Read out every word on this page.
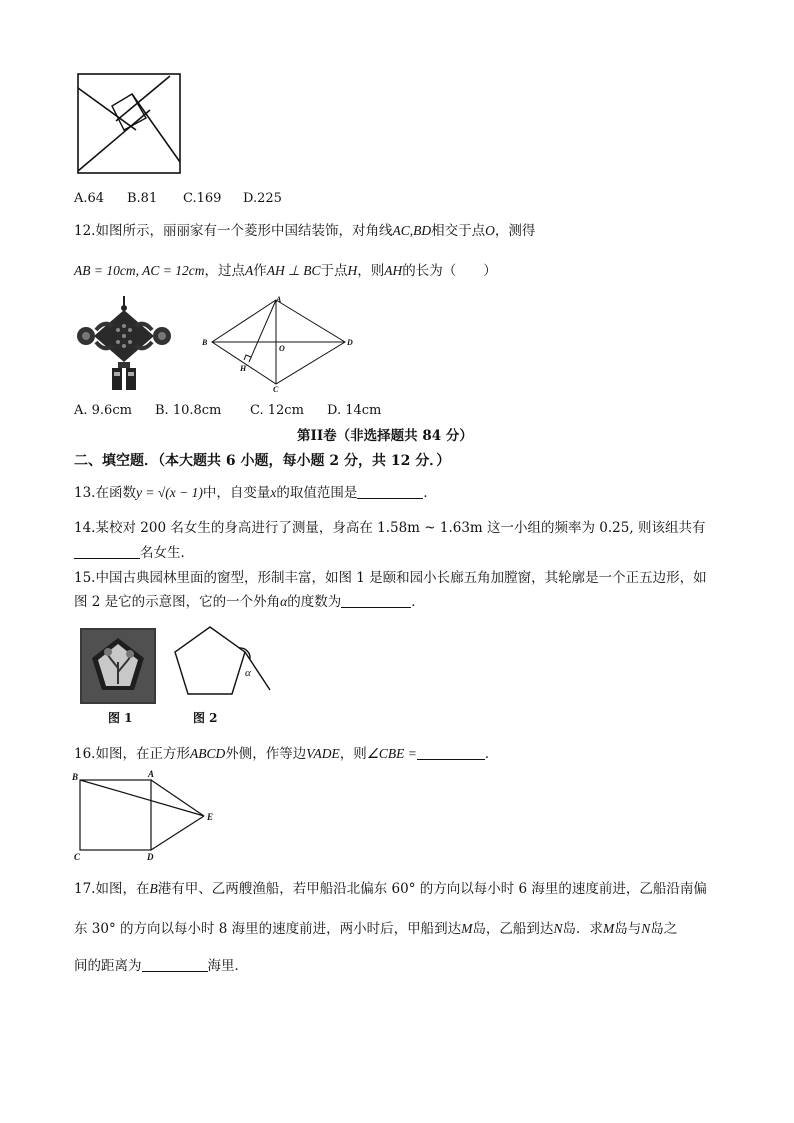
A.64 B.81 C.169 D.225
12.如图所示，丽丽家有一个菱形中国结装饰，对角线AC,BD相交于点O，测得
AB = 10cm, AC = 12cm，过点A作AH ⊥ BC于点H，则AH的长为（　　）
A
B
C
D
O
H
A. 9.6cm B. 10.8cm C. 12cm D. 14cm
第II卷（非选择题共 84 分）
二、填空题．（本大题共 6 小题，每小题 2 分，共 12 分．）
13.在函数y = √(x − 1)中，自变量x的取值范围是	．
14.某校对 200 名女生的身高进行了测量，身高在 1.58m ~ 1.63m 这一小组的频率为 0.25, 则该组共有
名女生．
15.中国古典园林里面的窗型，形制丰富，如图 1 是颐和园小长廊五角加膛窗，其轮廓是一个正五边形，如
图 2 是它的示意图，它的一个外角α的度数为	．
图 1
α
图 2
16.如图，在正方形ABCD外侧，作等边VADE，则∠CBE =	．
B	A
C	D
E
17.如图，在B港有甲、乙两艘渔船，若甲船沿北偏东 60° 的方向以每小时 6 海里的速度前进，乙船沿南偏
东 30° 的方向以每小时 8 海里的速度前进，两小时后，甲船到达M岛，乙船到达N岛．求M岛与N岛之
间的距离为	海里．
